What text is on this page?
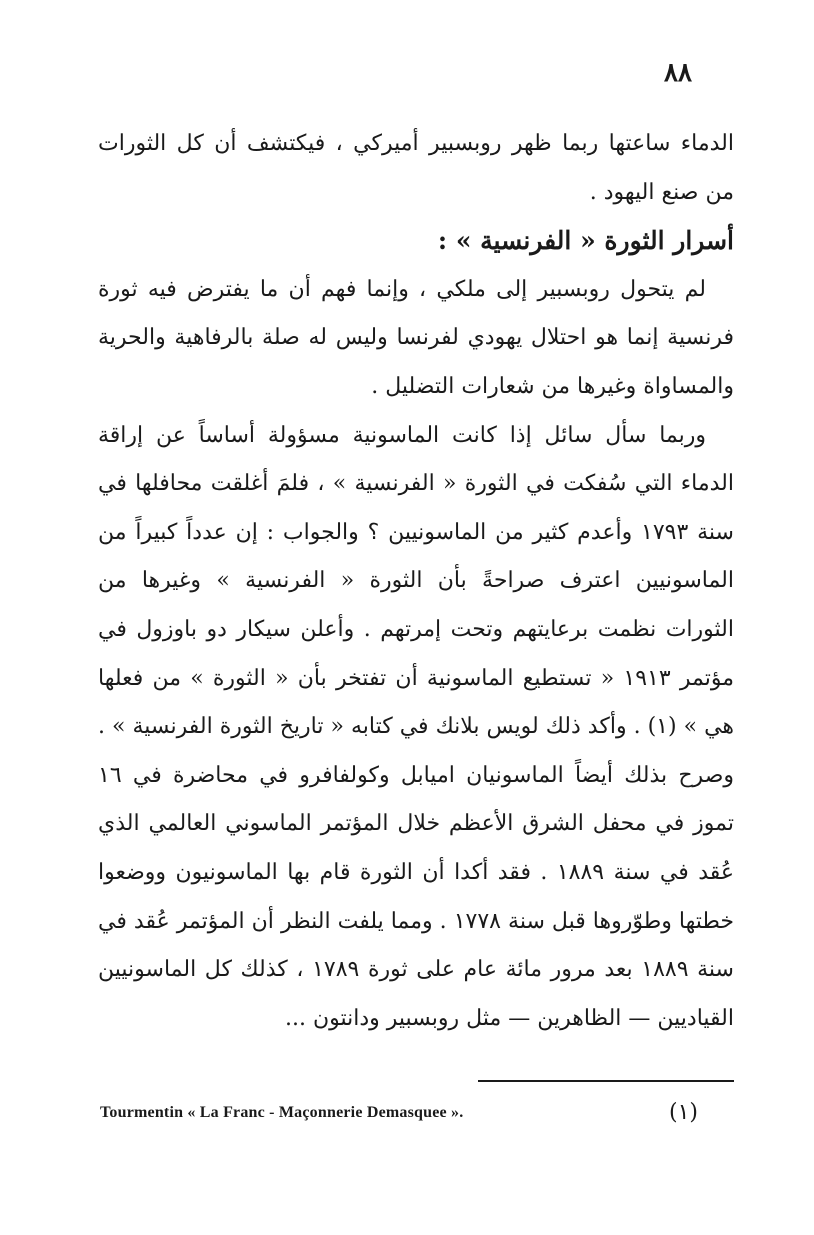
٨٨

الدماء ساعتها ربما ظهر روبسبير أميركي ، فيكتشف أن كل الثورات من صنع اليهود .

أسرار الثورة « الفرنسية » :

لم يتحول روبسبير إلى ملكي ، وإنما فهم أن ما يفترض فيه ثورة فرنسية إنما هو احتلال يهودي لفرنسا وليس له صلة بالرفاهية والحرية والمساواة وغيرها من شعارات التضليل .

وربما سأل سائل إذا كانت الماسونية مسؤولة أساساً عن إراقة الدماء التي سُفكت في الثورة « الفرنسية » ، فلمَ أغلقت محافلها في سنة ١٧٩٣ وأعدم كثير من الماسونيين ؟ والجواب : إن عدداً كبيراً من الماسونيين اعترف صراحةً بأن الثورة « الفرنسية » وغيرها من الثورات نظمت برعايتهم وتحت إمرتهم . وأعلن سيكار دو باوزول في مؤتمر ١٩١٣ « تستطيع الماسونية أن تفتخر بأن « الثورة » من فعلها هي » (١) . وأكد ذلك لويس بلانك في كتابه « تاريخ الثورة الفرنسية » . وصرح بذلك أيضاً الماسونيان اميابل وكولفافرو في محاضرة في ١٦ تموز في محفل الشرق الأعظم خلال المؤتمر الماسوني العالمي الذي عُقد في سنة ١٨٨٩ . فقد أكدا أن الثورة قام بها الماسونيون ووضعوا خطتها وطوّروها قبل سنة ١٧٧٨ . ومما يلفت النظر أن المؤتمر عُقد في سنة ١٨٨٩ بعد مرور مائة عام على ثورة ١٧٨٩ ، كذلك كل الماسونيين القياديين — الظاهرين — مثل روبسبير ودانتون ...

Tourmentin « La Franc - Maçonnerie Demasquee ».	(١)
